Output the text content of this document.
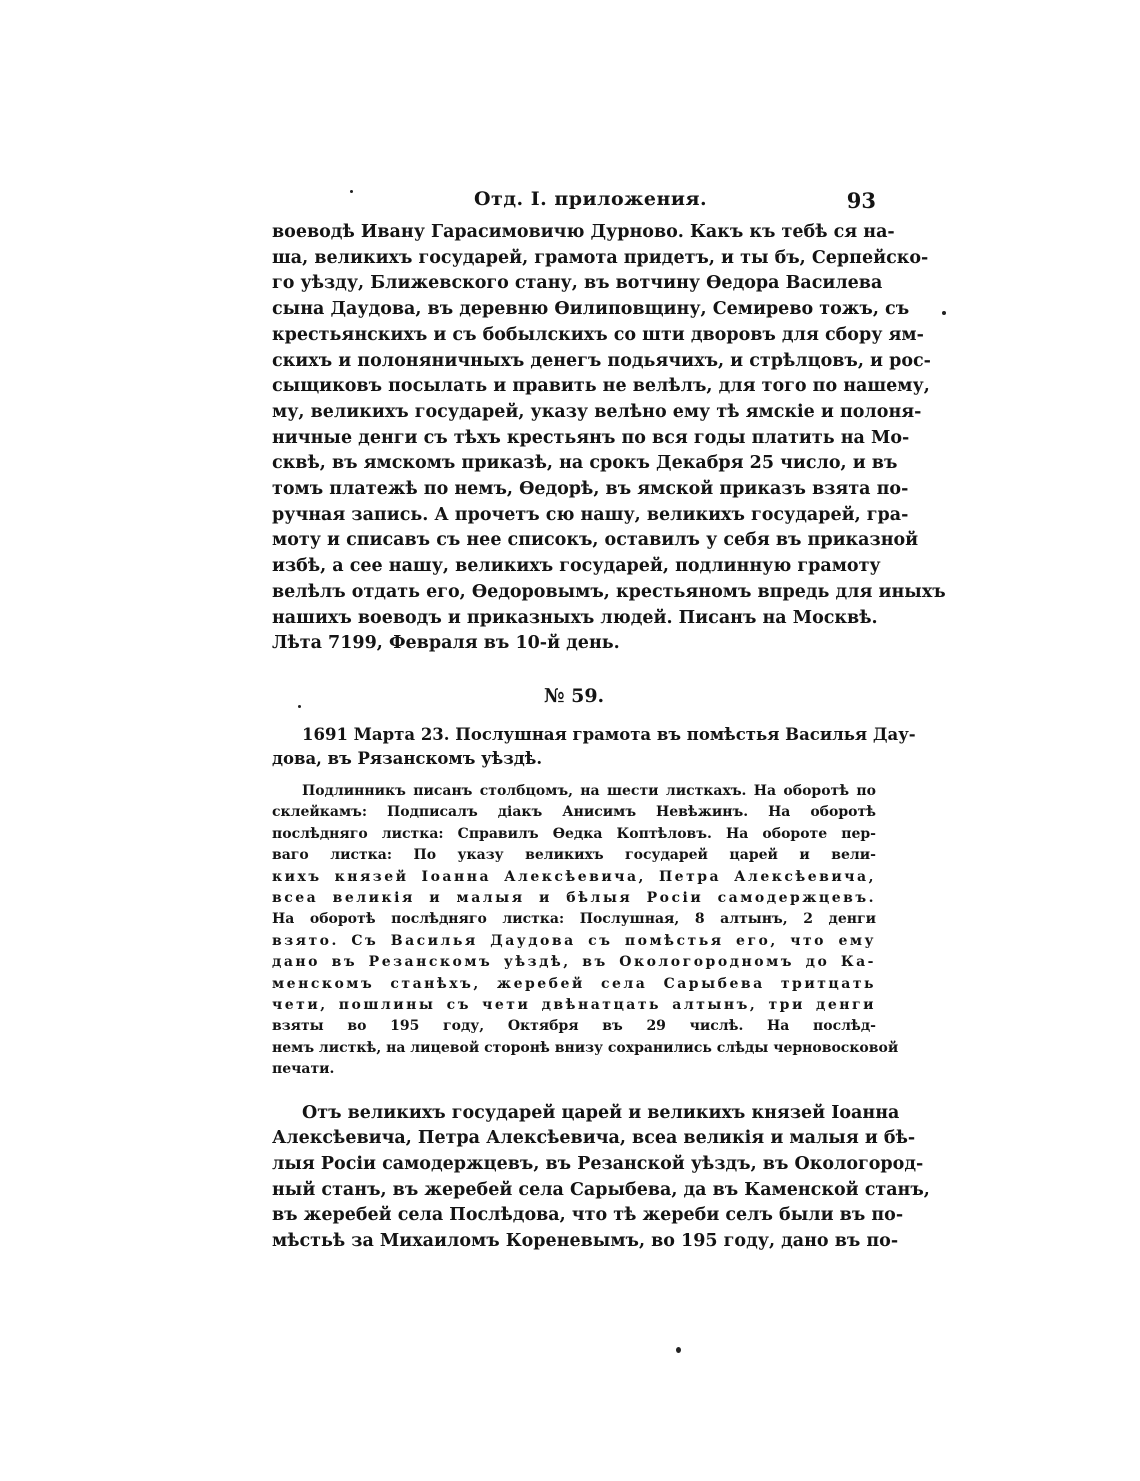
Отд. I. приложения.	93
воеводѣ Ивану Гарасимовичю Дурново. Какъ къ тебѣ ся на-
ша, великихъ государей, грамота придетъ, и ты бъ, Серпейско-
го уѣзду, Ближевского стану, въ вотчину Ѳедора Василева
сына Даудова, въ деревню Ѳилиповщину, Семирево тожъ, съ
крестьянскихъ и съ бобылскихъ со шти дворовъ для сбору ям-
скихъ и полоняничныхъ денегъ подьячихъ, и стрѣлцовъ, и рос-
сыщиковъ посылать и править не велѣлъ, для того по нашему,
му, великихъ государей, указу велѣно ему тѣ ямскіе и полоня-
ничные денги съ тѣхъ крестьянъ по вся годы платить на Мо-
сквѣ, въ ямскомъ приказѣ, на срокъ Декабря 25 число, и въ
томъ платежѣ по немъ, Ѳедорѣ, въ ямской приказъ взята по-
ручная запись. А прочетъ сю нашу, великихъ государей, гра-
моту и списавъ съ нее списокъ, оставилъ у себя въ приказной
избѣ, а сее нашу, великихъ государей, подлинную грамоту
велѣлъ отдать его, Ѳедоровымъ, крестьяномъ впредь для иныхъ
нашихъ воеводъ и приказныхъ людей. Писанъ на Москвѣ.
Лѣта 7199, Февраля въ 10-й день.
№ 59.
1691 Марта 23. Послушная грамота въ помѣстья Василья Дау-
дова, въ Рязанскомъ уѣздѣ.
Подлинникъ писанъ столбцомъ, на шести листкахъ. На оборотѣ по
склейкамъ: Подписалъ діакъ Анисимъ Невѣжинъ. На оборотѣ
послѣдняго листка: Справилъ Ѳедка Коптѣловъ. На обороте пер-
ваго листка: По указу великихъ государей царей и вели-
кихъ князей Іоанна Алексѣевича, Петра Алексѣевича,
всеа великія и малыя и бѣлыя Росіи самодержцевъ.
На оборотѣ послѣдняго листка: Послушная, 8 алтынъ, 2 денги
взято. Съ Василья Даудова съ помѣстья его, что ему
дано въ Резанскомъ уѣздѣ, въ Окологородномъ до Ка-
менскомъ станѣхъ, жеребей села Сарыбева тритцать
чети, пошлины съ чети двѣнатцать алтынъ, три денги
взяты во 195 году, Октября въ 29 числѣ. На послѣд-
немъ листкѣ, на лицевой сторонѣ внизу сохранились слѣды черновосковой
печати.
Отъ великихъ государей царей и великихъ князей Іоанна
Алексѣевича, Петра Алексѣевича, всеа великія и малыя и бѣ-
лыя Росіи самодержцевъ, въ Резанской уѣздъ, въ Окологород-
ный станъ, въ жеребей села Сарыбева, да въ Каменской станъ,
въ жеребей села Послѣдова, что тѣ жереби селъ были въ по-
мѣстьѣ за Михаиломъ Кореневымъ, во 195 году, дано въ по-
